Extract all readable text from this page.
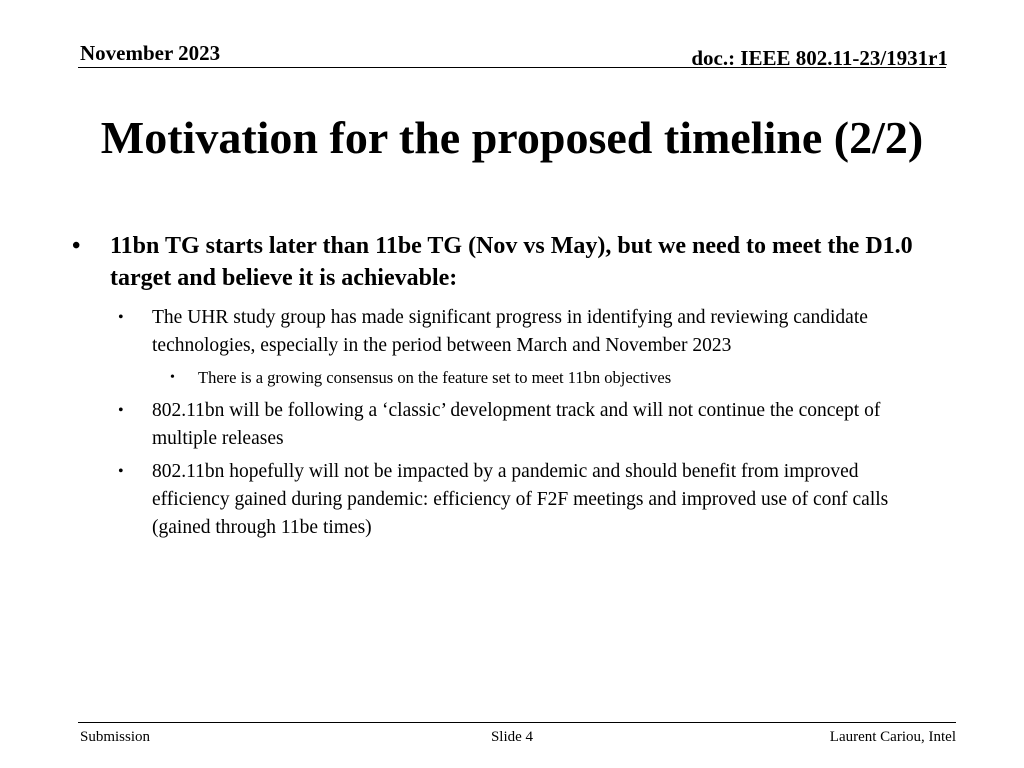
November 2023	doc.: IEEE 802.11-23/1931r1
Motivation for the proposed timeline (2/2)
• 11bn TG starts later than 11be TG (Nov vs May), but we need to meet the D1.0 target and believe it is achievable:
• The UHR study group has made significant progress in identifying and reviewing candidate technologies, especially in the period between March and November 2023
• There is a growing consensus on the feature set to meet 11bn objectives
• 802.11bn will be following a ‘classic’ development track and will not continue the concept of multiple releases
• 802.11bn hopefully will not be impacted by a pandemic and should benefit from improved efficiency gained during pandemic: efficiency of F2F meetings and improved use of conf calls (gained through 11be times)
Submission	Slide 4	Laurent Cariou, Intel
